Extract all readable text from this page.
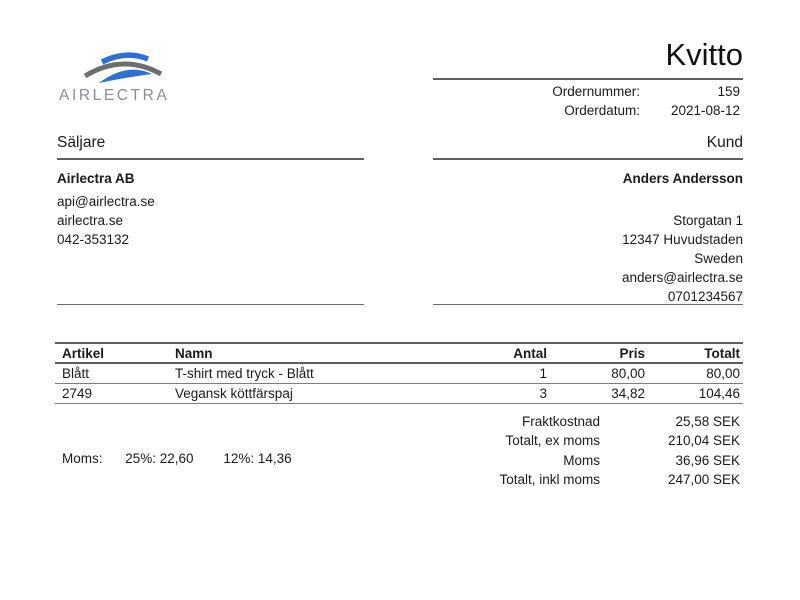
AIRLECTRA
Kvitto
Ordernummer:	159
Orderdatum:	2021-08-12
Säljare
Airlectra AB
api@airlectra.se
airlectra.se
042-353132
Kund
Anders Andersson
Storgatan 1
12347 Huvudstaden
Sweden
anders@airlectra.se
0701234567
Artikel	Namn	Antal	Pris	Totalt
Blått	T-shirt med tryck - Blått	1	80,00	80,00
2749	Vegansk köttfärspaj	3	34,82	104,46
Fraktkostnad	25,58 SEK
Totalt, ex moms	210,04 SEK
Moms	36,96 SEK
Totalt, inkl moms	247,00 SEK
Moms: 25%: 22,60 12%: 14,36
